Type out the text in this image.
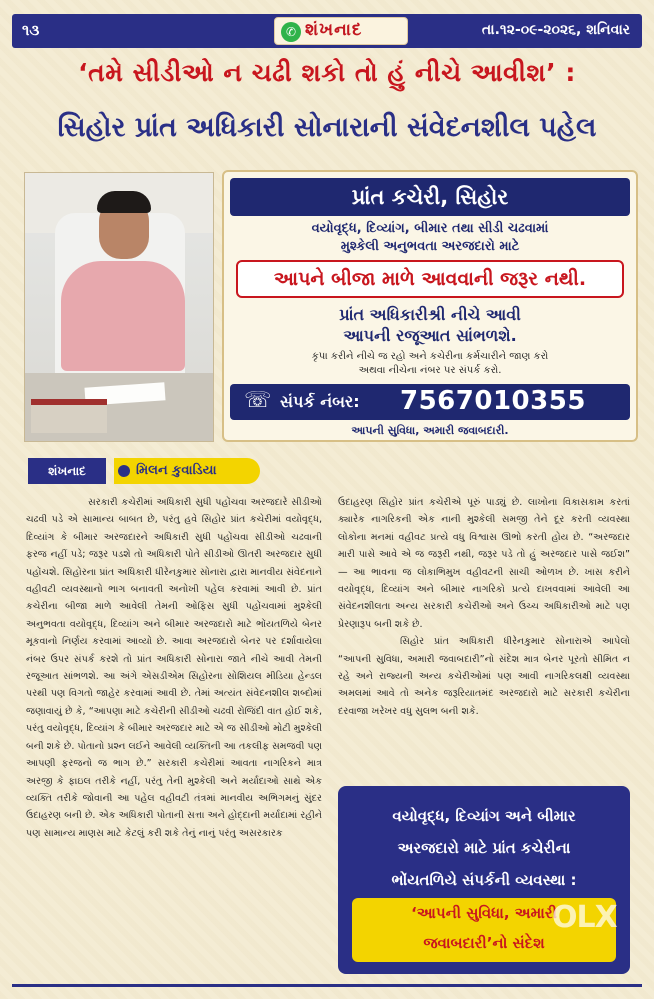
૧૩	✆ શંખનાદ	તા.૧૨-૦૯-૨૦૨૬, શનિવાર
‘તમે સીડીઓ ન ચઢી શકો તો હું નીચે આવીશ’ :
સિહોર પ્રાંત અધિકારી સોનારાની સંવેદનશીલ પહેલ
પ્રાંત કચેરી, સિહોર
વયોવૃદ્ધ, દિવ્યાંગ, બીમાર તથા સીડી ચઢવામાં
મુશ્કેલી અનુભવતા અરજદારો માટે
આપને બીજા માળે આવવાની જરૂર નથી.
પ્રાંત અધિકારીશ્રી નીચે આવી
આપની રજૂઆત સાંભળશે.
કૃપા કરીને નીચે જ રહો અને કચેરીના કર્મચારીને જાણ કરો
અથવા નીચેના નંબર પર સંપર્ક કરો.
☏ સંપર્ક નંબર: 7567010355
આપની સુવિધા, અમારી જવાબદારી.
શંખનાદ	મિલન કુવાડિયા

સરકારી કચેરીમાં અધિકારી સુધી પહોંચવા અરજદારે સીડીઓ ચઢવી પડે એ સામાન્ય બાબત છે, પરંતુ હવે સિહોર પ્રાંત કચેરીમાં વયોવૃદ્ધ, દિવ્યાંગ કે બીમાર અરજદારને અધિકારી સુધી પહોંચવા સીડીઓ ચઢવાની ફરજ નહીં પડે; જરૂર પડશે તો અધિકારી પોતે સીડીઓ ઊતરી અરજદાર સુધી પહોંચશે. સિહોરના પ્રાંત અધિકારી ધીરેનકુમાર સોનારા દ્વારા માનવીય સંવેદનાને વહીવટી વ્યવસ્થાનો ભાગ બનાવતી અનોખી પહેલ કરવામાં આવી છે. પ્રાંત કચેરીના બીજા માળે આવેલી તેમની ઓફિસ સુધી પહોંચવામાં મુશ્કેલી અનુભવતા વયોવૃદ્ધ, દિવ્યાંગ અને બીમાર અરજદારો માટે ભોંયતળિયે બેનર મૂકવાનો નિર્ણય કરવામાં આવ્યો છે. આવા અરજદારો બેનર પર દર્શાવાયેલા નંબર ઉપર સંપર્ક કરશે તો પ્રાંત અધિકારી સોનારા જાતે નીચે આવી તેમની રજૂઆત સાંભળશે. આ અંગે એસડીએમ સિહોરના સોશિયલ મીડિયા હેન્ડલ પરથી પણ વિગતો જાહેર કરવામાં આવી છે. તેમાં અત્યંત સંવેદનશીલ શબ્દોમાં જણાવાયું છે કે, “આપણા માટે કચેરીની સીડીઓ ચઢવી રોજિંદી વાત હોઈ શકે, પરંતુ વયોવૃદ્ધ, દિવ્યાંગ કે બીમાર અરજદાર માટે એ જ સીડીઓ મોટી મુશ્કેલી બની શકે છે. પોતાનો પ્રશ્ન લઈને આવેલી વ્યક્તિની આ તકલીફ સમજવી પણ આપણી ફરજનો જ ભાગ છે.” સરકારી કચેરીમાં આવતા નાગરિકને માત્ર અરજી કે ફાઇલ તરીકે નહીં, પરંતુ તેની મુશ્કેલી અને મર્યાદાઓ સાથે એક વ્યક્તિ તરીકે જોવાની આ પહેલ વહીવટી તંત્રમાં માનવીય અભિગમનું સુંદર ઉદાહરણ બની છે. એક અધિકારી પોતાની સત્તા અને હોદ્દાની મર્યાદામાં રહીને પણ સામાન્ય માણસ માટે કેટલું કરી શકે તેનું નાનું પરંતુ અસરકારક

ઉદાહરણ સિહોર પ્રાંત કચેરીએ પૂરું પાડ્યું છે. લાખોના વિકાસકામ કરતાં ક્યારેક નાગરિકની એક નાની મુશ્કેલી સમજી તેને દૂર કરતી વ્યવસ્થા લોકોના મનમાં વહીવટ પ્રત્યે વધુ વિશ્વાસ ઊભો કરતી હોય છે. “અરજદાર મારી પાસે આવે એ જ જરૂરી નથી, જરૂર પડે તો હું અરજદાર પાસે જઈશ” — આ ભાવના જ લોકાભિમુખ વહીવટની સાચી ઓળખ છે. ખાસ કરીને વયોવૃદ્ધ, દિવ્યાંગ અને બીમાર નાગરિકો પ્રત્યે દાખવવામાં આવેલી આ સંવેદનશીલતા અન્ય સરકારી કચેરીઓ અને ઉચ્ચ અધિકારીઓ માટે પણ પ્રેરણારૂપ બની શકે છે.

સિહોર પ્રાંત અધિકારી ધીરેનકુમાર સોનારાએ આપેલો “આપની સુવિધા, અમારી જવાબદારી”નો સંદેશ માત્ર બેનર પૂરતો સીમિત ન રહે અને રાજ્યની અન્ય કચેરીઓમાં પણ આવી નાગરિકલક્ષી વ્યવસ્થા અમલમાં આવે તો અનેક જરૂરિયાતમંદ અરજદારો માટે સરકારી કચેરીના દરવાજા ખરેખર વધુ સુલભ બની શકે.

વયોવૃદ્ધ, દિવ્યાંગ અને બીમાર
અરજદારો માટે પ્રાંત કચેરીના
ભોંયતળિયે સંપર્કની વ્યવસ્થા :
‘આપની સુવિધા, અમારી
જવાબદારી’નો સંદેશ
OLX
